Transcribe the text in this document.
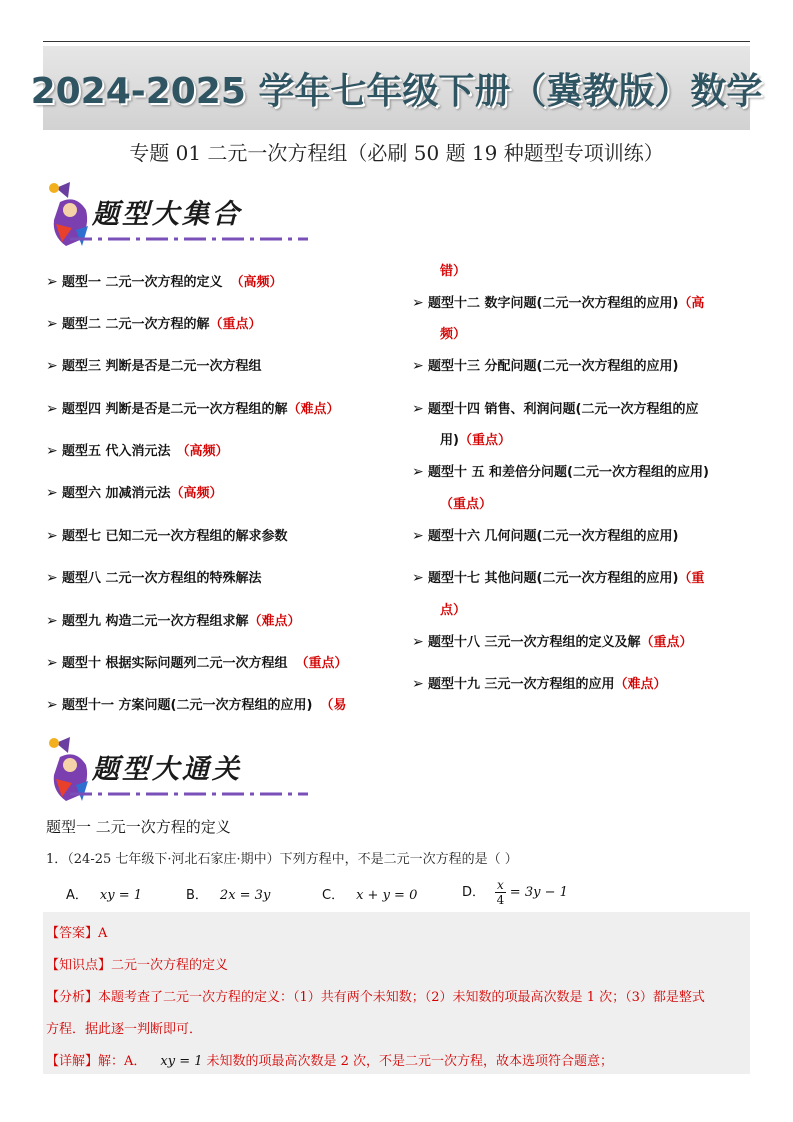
2024-2025 学年七年级下册（冀教版）数学
专题 01 二元一次方程组（必刷 50 题 19 种题型专项训练）
题型大集合
➢ 题型一 二元一次方程的定义 （高频）
➢ 题型二 二元一次方程的解（重点）
➢ 题型三 判断是否是二元一次方程组
➢ 题型四 判断是否是二元一次方程组的解（难点）
➢ 题型五 代入消元法 （高频）
➢ 题型六 加减消元法（高频）
➢ 题型七 已知二元一次方程组的解求参数
➢ 题型八 二元一次方程组的特殊解法
➢ 题型九 构造二元一次方程组求解（难点）
➢ 题型十 根据实际问题列二元一次方程组 （重点）
➢ 题型十一 方案问题(二元一次方程组的应用) （易
错）
➢ 题型十二 数字问题(二元一次方程组的应用)（高
频）
➢ 题型十三 分配问题(二元一次方程组的应用)
➢ 题型十四 销售、利润问题(二元一次方程组的应
用)（重点）
➢ 题型十 五 和差倍分问题(二元一次方程组的应用)
（重点）
➢ 题型十六 几何问题(二元一次方程组的应用)
➢ 题型十七 其他问题(二元一次方程组的应用)（重
点）
➢ 题型十八 三元一次方程组的定义及解（重点）
➢ 题型十九 三元一次方程组的应用（难点）
题型大通关
题型一 二元一次方程的定义
1．（24-25 七年级下·河北石家庄·期中）下列方程中，不是二元一次方程的是（ ）
A． xy = 1	B． 2x = 3y	C． x + y = 0	D． $\frac{x}{4} = 3y - 1$
【答案】A
【知识点】二元一次方程的定义
【分析】本题考查了二元一次方程的定义：（1）共有两个未知数；（2）未知数的项最高次数是 1 次；（3）都是整式
方程．据此逐一判断即可．
【详解】解：A． xy = 1 未知数的项最高次数是 2 次，不是二元一次方程，故本选项符合题意；
